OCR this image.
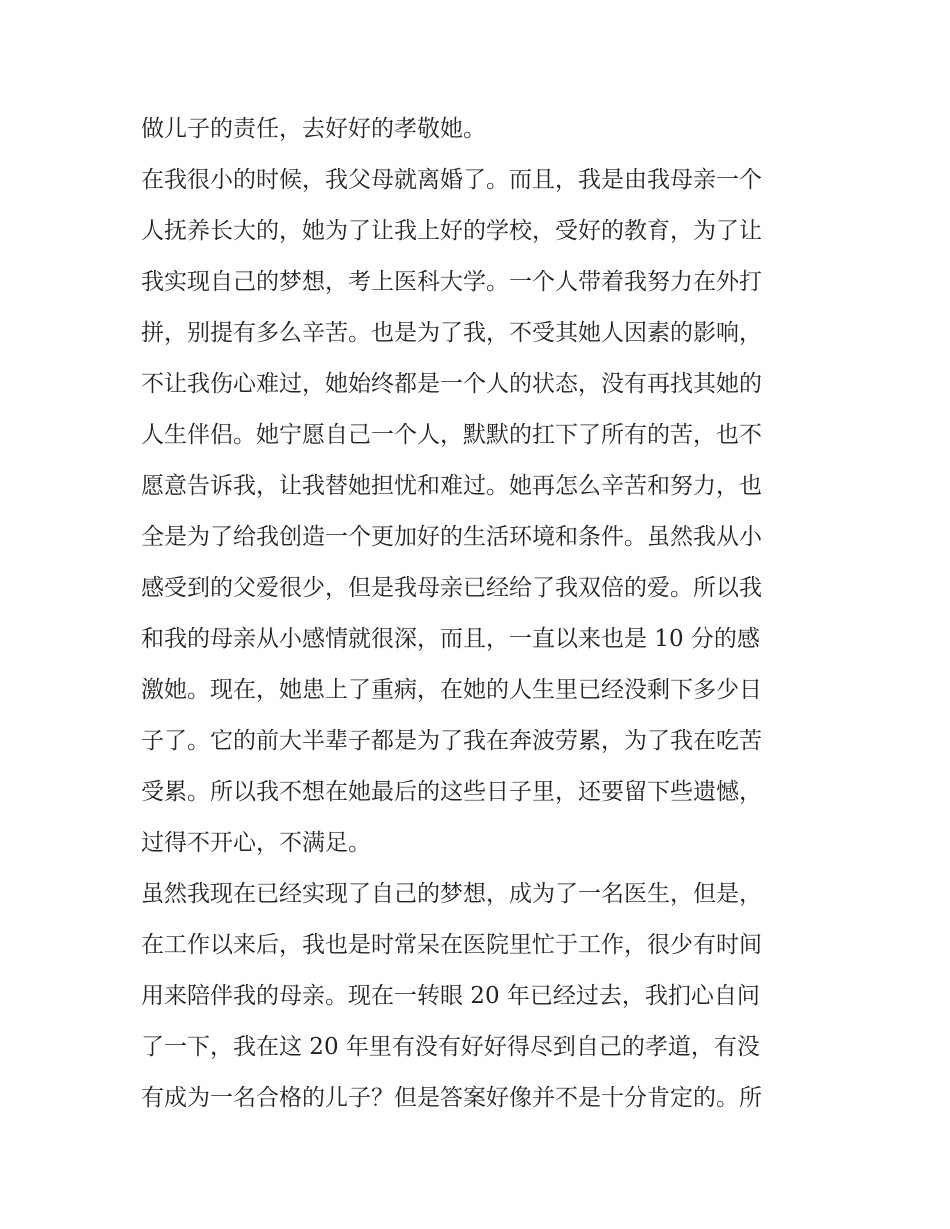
做儿子的责任，去好好的孝敬她。
在我很小的时候，我父母就离婚了。而且，我是由我母亲一个
人抚养长大的，她为了让我上好的学校，受好的教育，为了让
我实现自己的梦想，考上医科大学。一个人带着我努力在外打
拼，别提有多么辛苦。也是为了我，不受其她人因素的影响，
不让我伤心难过，她始终都是一个人的状态，没有再找其她的
人生伴侣。她宁愿自己一个人，默默的扛下了所有的苦，也不
愿意告诉我，让我替她担忧和难过。她再怎么辛苦和努力，也
全是为了给我创造一个更加好的生活环境和条件。虽然我从小
感受到的父爱很少，但是我母亲已经给了我双倍的爱。所以我
和我的母亲从小感情就很深，而且，一直以来也是 10 分的感
激她。现在，她患上了重病，在她的人生里已经没剩下多少日
子了。它的前大半辈子都是为了我在奔波劳累，为了我在吃苦
受累。所以我不想在她最后的这些日子里，还要留下些遗憾，
过得不开心，不满足。
虽然我现在已经实现了自己的梦想，成为了一名医生，但是，
在工作以来后，我也是时常呆在医院里忙于工作，很少有时间
用来陪伴我的母亲。现在一转眼 20 年已经过去，我扪心自问
了一下，我在这 20 年里有没有好好得尽到自己的孝道，有没
有成为一名合格的儿子？但是答案好像并不是十分肯定的。所
